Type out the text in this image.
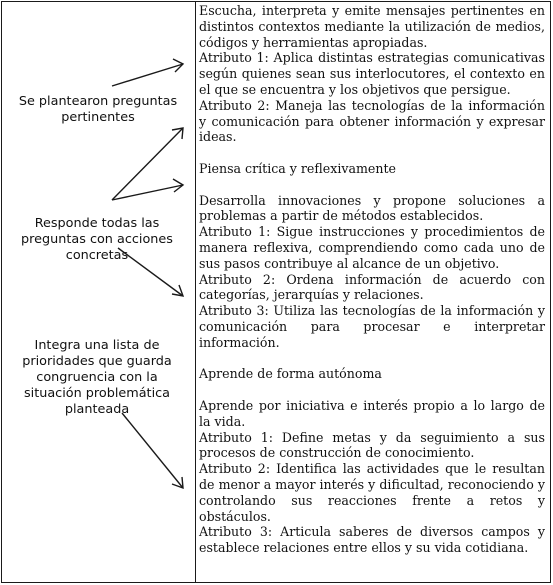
Se plantearon preguntas pertinentes

Responde todas las preguntas con acciones concretas

Integra una lista de prioridades que guarda congruencia con la situación problemática planteada

Escucha, interpreta y emite mensajes pertinentes en distintos contextos mediante la utilización de medios, códigos y herramientas apropiadas.

Atributo 1: Aplica distintas estrategias comunicativas según quienes sean sus interlocutores, el contexto en el que se encuentra y los objetivos que persigue.

Atributo 2: Maneja las tecnologías de la información y comunicación para obtener información y expresar ideas.

Piensa crítica y reflexivamente

Desarrolla innovaciones y propone soluciones a problemas a partir de métodos establecidos.

Atributo 1: Sigue instrucciones y procedimientos de manera reflexiva, comprendiendo como cada uno de sus pasos contribuye al alcance de un objetivo.

Atributo 2: Ordena información de acuerdo con categorías, jerarquías y relaciones.

Atributo 3: Utiliza las tecnologías de la información y comunicación para procesar e interpretar información.

Aprende de forma autónoma

Aprende por iniciativa e interés propio a lo largo de la vida.

Atributo 1: Define metas y da seguimiento a sus procesos de construcción de conocimiento.

Atributo 2: Identifica las actividades que le resultan de menor a mayor interés y dificultad, reconociendo y controlando sus reacciones frente a retos y obstáculos.

Atributo 3: Articula saberes de diversos campos y establece relaciones entre ellos y su vida cotidiana.
